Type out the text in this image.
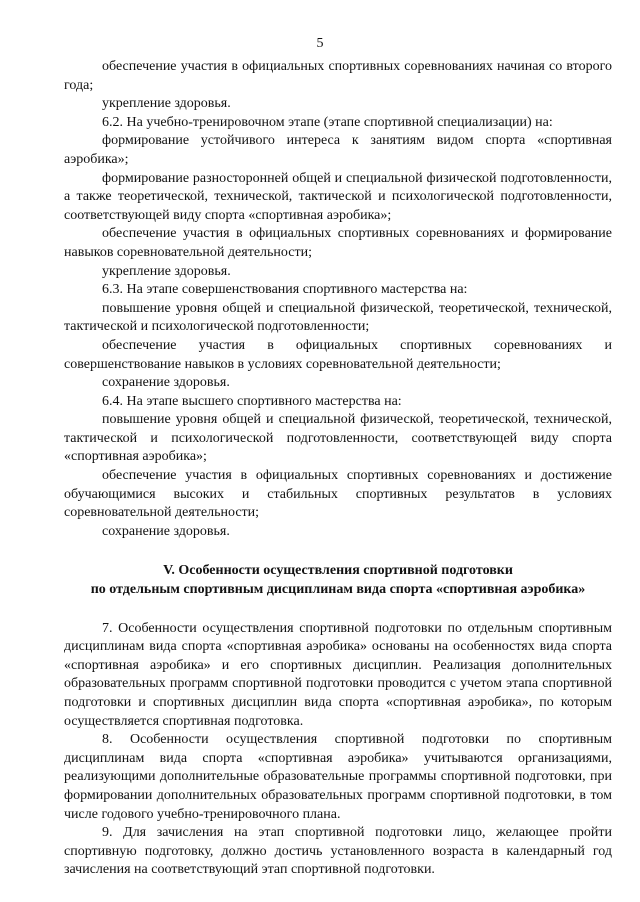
5

обеспечение участия в официальных спортивных соревнованиях начиная со второго года;

укрепление здоровья.

6.2. На учебно-тренировочном этапе (этапе спортивной специализации) на:

формирование устойчивого интереса к занятиям видом спорта «спортивная аэробика»;

формирование разносторонней общей и специальной физической подготовленности, а также теоретической, технической, тактической и психологической подготовленности, соответствующей виду спорта «спортивная аэробика»;

обеспечение участия в официальных спортивных соревнованиях и формирование навыков соревновательной деятельности;

укрепление здоровья.

6.3. На этапе совершенствования спортивного мастерства на:

повышение уровня общей и специальной физической, теоретической, технической, тактической и психологической подготовленности;

обеспечение участия в официальных спортивных соревнованиях и совершенствование навыков в условиях соревновательной деятельности;

сохранение здоровья.

6.4. На этапе высшего спортивного мастерства на:

повышение уровня общей и специальной физической, теоретической, технической, тактической и психологической подготовленности, соответствующей виду спорта «спортивная аэробика»;

обеспечение участия в официальных спортивных соревнованиях и достижение обучающимися высоких и стабильных спортивных результатов в условиях соревновательной деятельности;

сохранение здоровья.

V. Особенности осуществления спортивной подготовки

по отдельным спортивным дисциплинам вида спорта «спортивная аэробика»

7. Особенности осуществления спортивной подготовки по отдельным спортивным дисциплинам вида спорта «спортивная аэробика» основаны на особенностях вида спорта «спортивная аэробика» и его спортивных дисциплин. Реализация дополнительных образовательных программ спортивной подготовки проводится с учетом этапа спортивной подготовки и спортивных дисциплин вида спорта «спортивная аэробика», по которым осуществляется спортивная подготовка.

8. Особенности осуществления спортивной подготовки по спортивным дисциплинам вида спорта «спортивная аэробика» учитываются организациями, реализующими дополнительные образовательные программы спортивной подготовки, при формировании дополнительных образовательных программ спортивной подготовки, в том числе годового учебно-тренировочного плана.

9. Для зачисления на этап спортивной подготовки лицо, желающее пройти спортивную подготовку, должно достичь установленного возраста в календарный год зачисления на соответствующий этап спортивной подготовки.
